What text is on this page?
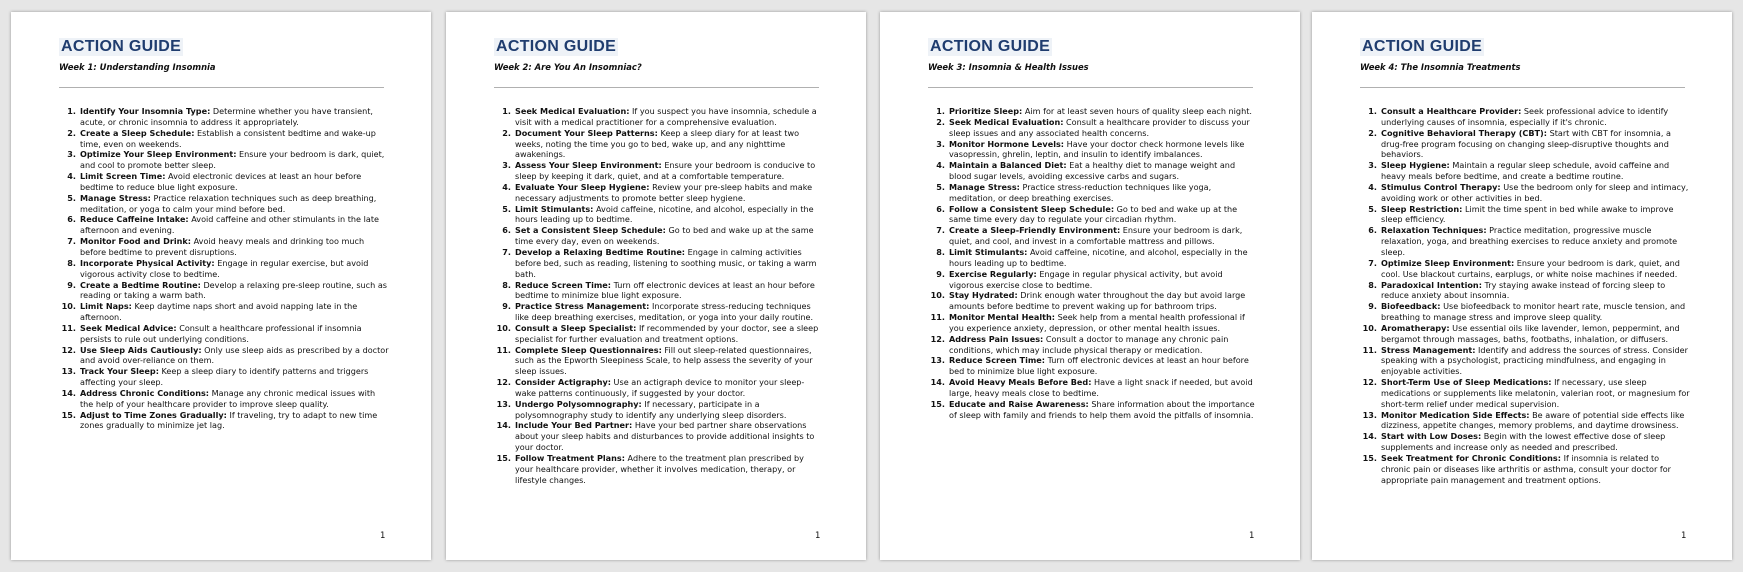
ACTION GUIDE
Week 1: Understanding Insomnia
1. Identify Your Insomnia Type: Determine whether you have transient, acute, or chronic insomnia to address it appropriately.
2. Create a Sleep Schedule: Establish a consistent bedtime and wake-up time, even on weekends.
3. Optimize Your Sleep Environment: Ensure your bedroom is dark, quiet, and cool to promote better sleep.
4. Limit Screen Time: Avoid electronic devices at least an hour before bedtime to reduce blue light exposure.
5. Manage Stress: Practice relaxation techniques such as deep breathing, meditation, or yoga to calm your mind before bed.
6. Reduce Caffeine Intake: Avoid caffeine and other stimulants in the late afternoon and evening.
7. Monitor Food and Drink: Avoid heavy meals and drinking too much before bedtime to prevent disruptions.
8. Incorporate Physical Activity: Engage in regular exercise, but avoid vigorous activity close to bedtime.
9. Create a Bedtime Routine: Develop a relaxing pre-sleep routine, such as reading or taking a warm bath.
10. Limit Naps: Keep daytime naps short and avoid napping late in the afternoon.
11. Seek Medical Advice: Consult a healthcare professional if insomnia persists to rule out underlying conditions.
12. Use Sleep Aids Cautiously: Only use sleep aids as prescribed by a doctor and avoid over-reliance on them.
13. Track Your Sleep: Keep a sleep diary to identify patterns and triggers affecting your sleep.
14. Address Chronic Conditions: Manage any chronic medical issues with the help of your healthcare provider to improve sleep quality.
15. Adjust to Time Zones Gradually: If traveling, try to adapt to new time zones gradually to minimize jet lag.
1
ACTION GUIDE
Week 2: Are You An Insomniac?
1. Seek Medical Evaluation: If you suspect you have insomnia, schedule a visit with a medical practitioner for a comprehensive evaluation.
2. Document Your Sleep Patterns: Keep a sleep diary for at least two weeks, noting the time you go to bed, wake up, and any nighttime awakenings.
3. Assess Your Sleep Environment: Ensure your bedroom is conducive to sleep by keeping it dark, quiet, and at a comfortable temperature.
4. Evaluate Your Sleep Hygiene: Review your pre-sleep habits and make necessary adjustments to promote better sleep hygiene.
5. Limit Stimulants: Avoid caffeine, nicotine, and alcohol, especially in the hours leading up to bedtime.
6. Set a Consistent Sleep Schedule: Go to bed and wake up at the same time every day, even on weekends.
7. Develop a Relaxing Bedtime Routine: Engage in calming activities before bed, such as reading, listening to soothing music, or taking a warm bath.
8. Reduce Screen Time: Turn off electronic devices at least an hour before bedtime to minimize blue light exposure.
9. Practice Stress Management: Incorporate stress-reducing techniques like deep breathing exercises, meditation, or yoga into your daily routine.
10. Consult a Sleep Specialist: If recommended by your doctor, see a sleep specialist for further evaluation and treatment options.
11. Complete Sleep Questionnaires: Fill out sleep-related questionnaires, such as the Epworth Sleepiness Scale, to help assess the severity of your sleep issues.
12. Consider Actigraphy: Use an actigraph device to monitor your sleep-wake patterns continuously, if suggested by your doctor.
13. Undergo Polysomnography: If necessary, participate in a polysomnography study to identify any underlying sleep disorders.
14. Include Your Bed Partner: Have your bed partner share observations about your sleep habits and disturbances to provide additional insights to your doctor.
15. Follow Treatment Plans: Adhere to the treatment plan prescribed by your healthcare provider, whether it involves medication, therapy, or lifestyle changes.
1
ACTION GUIDE
Week 3: Insomnia & Health Issues
1. Prioritize Sleep: Aim for at least seven hours of quality sleep each night.
2. Seek Medical Evaluation: Consult a healthcare provider to discuss your sleep issues and any associated health concerns.
3. Monitor Hormone Levels: Have your doctor check hormone levels like vasopressin, ghrelin, leptin, and insulin to identify imbalances.
4. Maintain a Balanced Diet: Eat a healthy diet to manage weight and blood sugar levels, avoiding excessive carbs and sugars.
5. Manage Stress: Practice stress-reduction techniques like yoga, meditation, or deep breathing exercises.
6. Follow a Consistent Sleep Schedule: Go to bed and wake up at the same time every day to regulate your circadian rhythm.
7. Create a Sleep-Friendly Environment: Ensure your bedroom is dark, quiet, and cool, and invest in a comfortable mattress and pillows.
8. Limit Stimulants: Avoid caffeine, nicotine, and alcohol, especially in the hours leading up to bedtime.
9. Exercise Regularly: Engage in regular physical activity, but avoid vigorous exercise close to bedtime.
10. Stay Hydrated: Drink enough water throughout the day but avoid large amounts before bedtime to prevent waking up for bathroom trips.
11. Monitor Mental Health: Seek help from a mental health professional if you experience anxiety, depression, or other mental health issues.
12. Address Pain Issues: Consult a doctor to manage any chronic pain conditions, which may include physical therapy or medication.
13. Reduce Screen Time: Turn off electronic devices at least an hour before bed to minimize blue light exposure.
14. Avoid Heavy Meals Before Bed: Have a light snack if needed, but avoid large, heavy meals close to bedtime.
15. Educate and Raise Awareness: Share information about the importance of sleep with family and friends to help them avoid the pitfalls of insomnia.
1
ACTION GUIDE
Week 4: The Insomnia Treatments
1. Consult a Healthcare Provider: Seek professional advice to identify underlying causes of insomnia, especially if it's chronic.
2. Cognitive Behavioral Therapy (CBT): Start with CBT for insomnia, a drug-free program focusing on changing sleep-disruptive thoughts and behaviors.
3. Sleep Hygiene: Maintain a regular sleep schedule, avoid caffeine and heavy meals before bedtime, and create a bedtime routine.
4. Stimulus Control Therapy: Use the bedroom only for sleep and intimacy, avoiding work or other activities in bed.
5. Sleep Restriction: Limit the time spent in bed while awake to improve sleep efficiency.
6. Relaxation Techniques: Practice meditation, progressive muscle relaxation, yoga, and breathing exercises to reduce anxiety and promote sleep.
7. Optimize Sleep Environment: Ensure your bedroom is dark, quiet, and cool. Use blackout curtains, earplugs, or white noise machines if needed.
8. Paradoxical Intention: Try staying awake instead of forcing sleep to reduce anxiety about insomnia.
9. Biofeedback: Use biofeedback to monitor heart rate, muscle tension, and breathing to manage stress and improve sleep quality.
10. Aromatherapy: Use essential oils like lavender, lemon, peppermint, and bergamot through massages, baths, footbaths, inhalation, or diffusers.
11. Stress Management: Identify and address the sources of stress. Consider speaking with a psychologist, practicing mindfulness, and engaging in enjoyable activities.
12. Short-Term Use of Sleep Medications: If necessary, use sleep medications or supplements like melatonin, valerian root, or magnesium for short-term relief under medical supervision.
13. Monitor Medication Side Effects: Be aware of potential side effects like dizziness, appetite changes, memory problems, and daytime drowsiness.
14. Start with Low Doses: Begin with the lowest effective dose of sleep supplements and increase only as needed and prescribed.
15. Seek Treatment for Chronic Conditions: If insomnia is related to chronic pain or diseases like arthritis or asthma, consult your doctor for appropriate pain management and treatment options.
1
